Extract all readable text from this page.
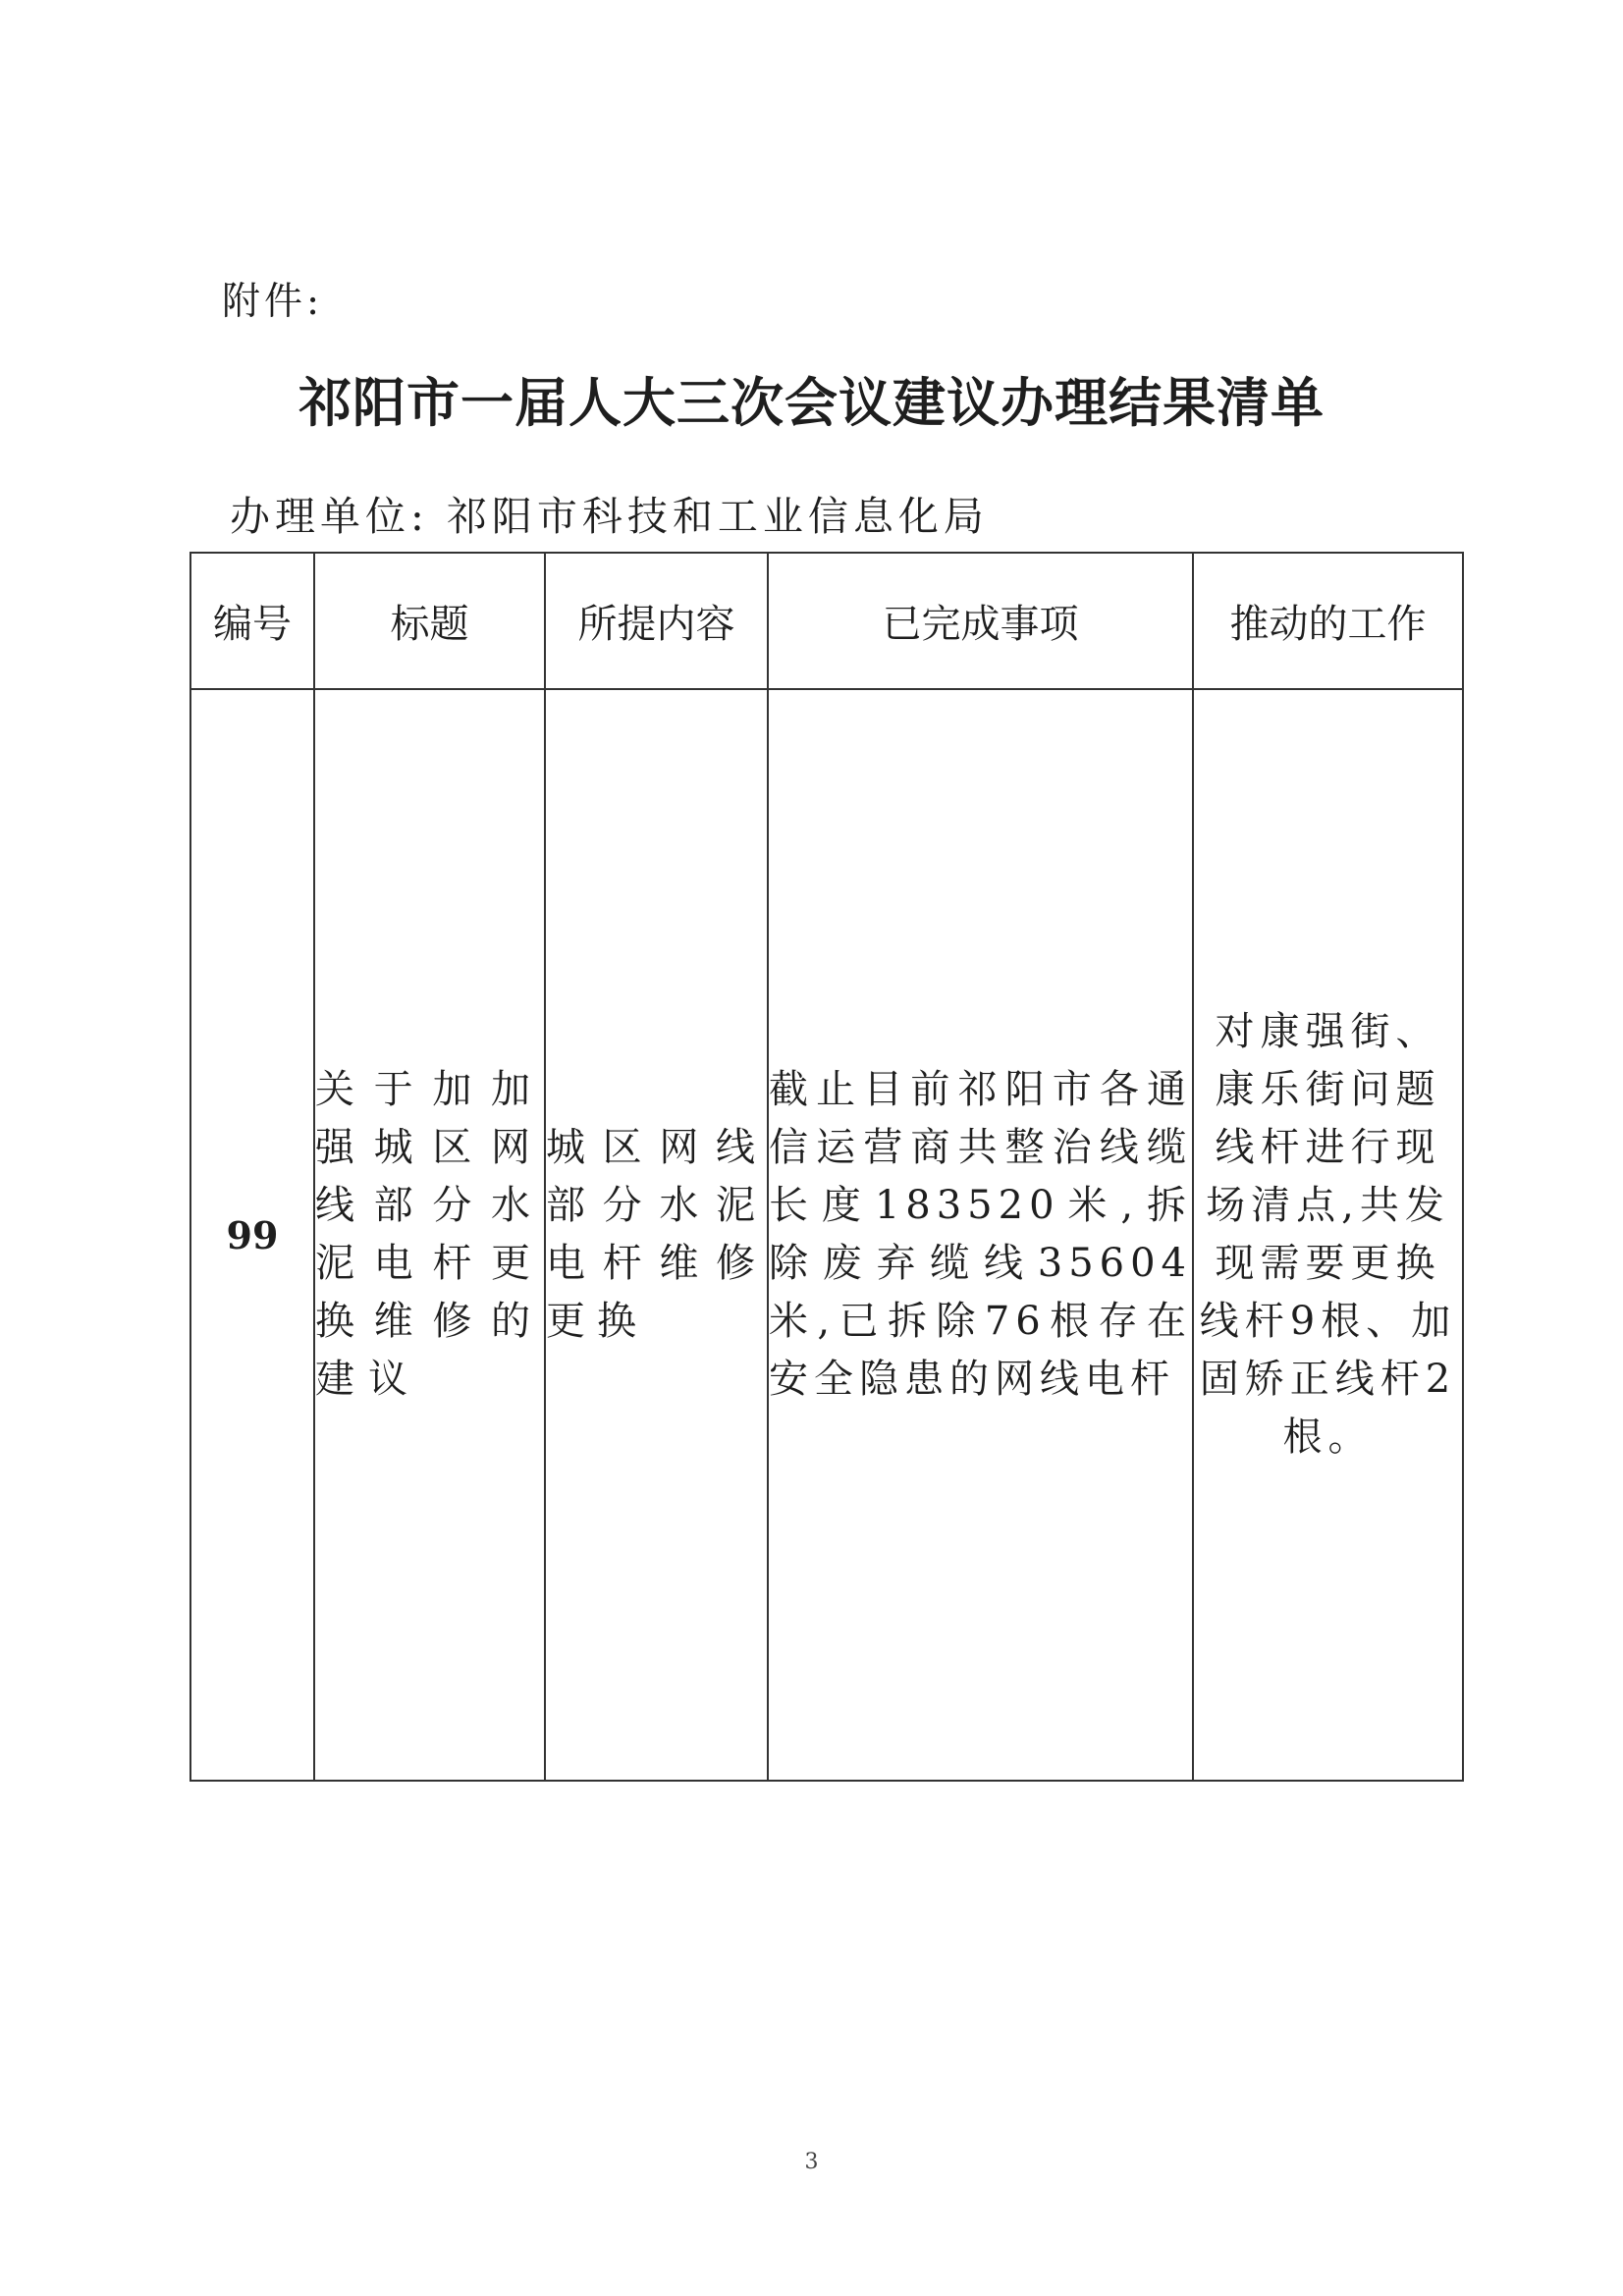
附件:
祁阳市一届人大三次会议建议办理结果清单
办理单位: 祁阳市科技和工业信息化局
编号	标题	所提内容	已完成事项	推动的工作
99	关于加加强城区网线部分水泥电杆更换维修的建议	城区网线部分水泥电杆维修更换	截止目前祁阳市各通信运营商共整治线缆长度183520米,拆除废弃缆线35604米,已拆除76根存在安全隐患的网线电杆	对康强街、康乐街问题线杆进行现场清点,共发现需要更换线杆9根、加固矫正线杆2根。
3
